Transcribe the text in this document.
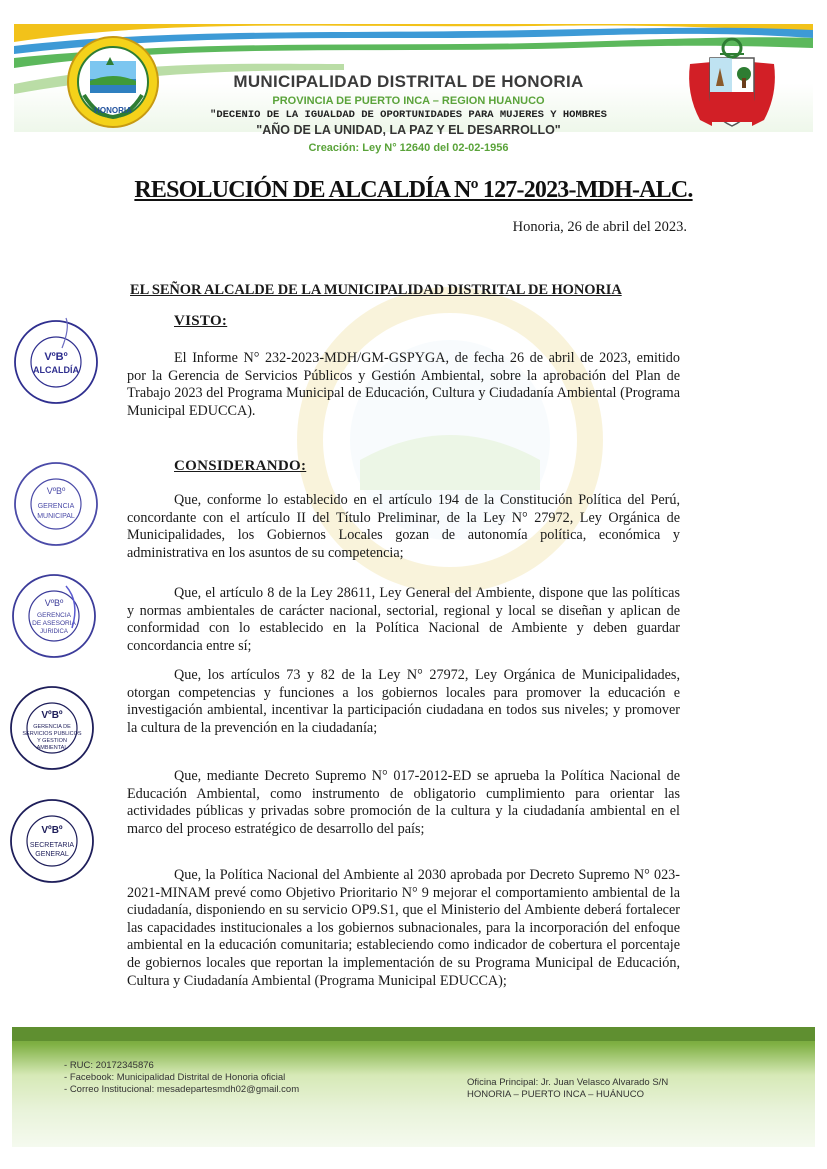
MUNICIPALIDAD DISTRITAL DE HONORIA
PROVINCIA DE PUERTO INCA – REGION HUANUCO
"DECENIO DE LA IGUALDAD DE OPORTUNIDADES PARA MUJERES Y HOMBRES
"AÑO DE LA UNIDAD, LA PAZ Y EL DESARROLLO"
Creación: Ley N° 12640 del 02-02-1956
HONORIA
RESOLUCIÓN DE ALCALDÍA Nº 127-2023-MDH-ALC.
Honoria, 26 de abril del 2023.
EL SEÑOR ALCALDE DE LA MUNICIPALIDAD DISTRITAL DE HONORIA
VISTO:
El Informe N° 232-2023-MDH/GM-GSPYGA, de fecha 26 de abril de 2023, emitido por la Gerencia de Servicios Públicos y Gestión Ambiental, sobre la aprobación del Plan de Trabajo 2023 del Programa Municipal de Educación, Cultura y Ciudadanía Ambiental (Programa Municipal EDUCCA).
CONSIDERANDO:
Que, conforme lo establecido en el artículo 194 de la Constitución Política del Perú, concordante con el artículo II del Título Preliminar, de la Ley N° 27972, Ley Orgánica de Municipalidades, los Gobiernos Locales gozan de autonomía política, económica y administrativa en los asuntos de su competencia;
Que, el artículo 8 de la Ley 28611, Ley General del Ambiente, dispone que las políticas y normas ambientales de carácter nacional, sectorial, regional y local se diseñan y aplican de conformidad con lo establecido en la Política Nacional de Ambiente y deben guardar concordancia entre sí;
Que, los artículos 73 y 82 de la Ley N° 27972, Ley Orgánica de Municipalidades, otorgan competencias y funciones a los gobiernos locales para promover la educación e investigación ambiental, incentivar la participación ciudadana en todos sus niveles; y promover la cultura de la prevención en la ciudadanía;
Que, mediante Decreto Supremo N° 017-2012-ED se aprueba la Política Nacional de Educación Ambiental, como instrumento de obligatorio cumplimiento para orientar las actividades públicas y privadas sobre promoción de la cultura y la ciudadanía ambiental en el marco del proceso estratégico de desarrollo del país;
Que, la Política Nacional del Ambiente al 2030 aprobada por Decreto Supremo N° 023-2021-MINAM prevé como Objetivo Prioritario N° 9 mejorar el comportamiento ambiental de la ciudadanía, disponiendo en su servicio OP9.S1, que el Ministerio del Ambiente deberá fortalecer las capacidades institucionales a los gobiernos subnacionales, para la incorporación del enfoque ambiental en la educación comunitaria; estableciendo como indicador de cobertura el porcentaje de gobiernos locales que reportan la implementación de su Programa Municipal de Educación, Cultura y Ciudadanía Ambiental (Programa Municipal EDUCCA);
VºBº
ALCALDÍA
VºBº
GERENCIA
MUNICIPAL
VºBº
GERENCIA
DE ASESORIA
JURIDICA
VºBº
GERENCIA DE
SERVICIOS PUBLICOS
Y GESTION
AMBIENTAL
VºBº
SECRETARIA
GENERAL
- RUC: 20172345876
- Facebook: Municipalidad Distrital de Honoria oficial
- Correo Institucional: mesadepartesmdh02@gmail.com
Oficina Principal: Jr. Juan Velasco Alvarado S/N
HONORIA – PUERTO INCA – HUÁNUCO
